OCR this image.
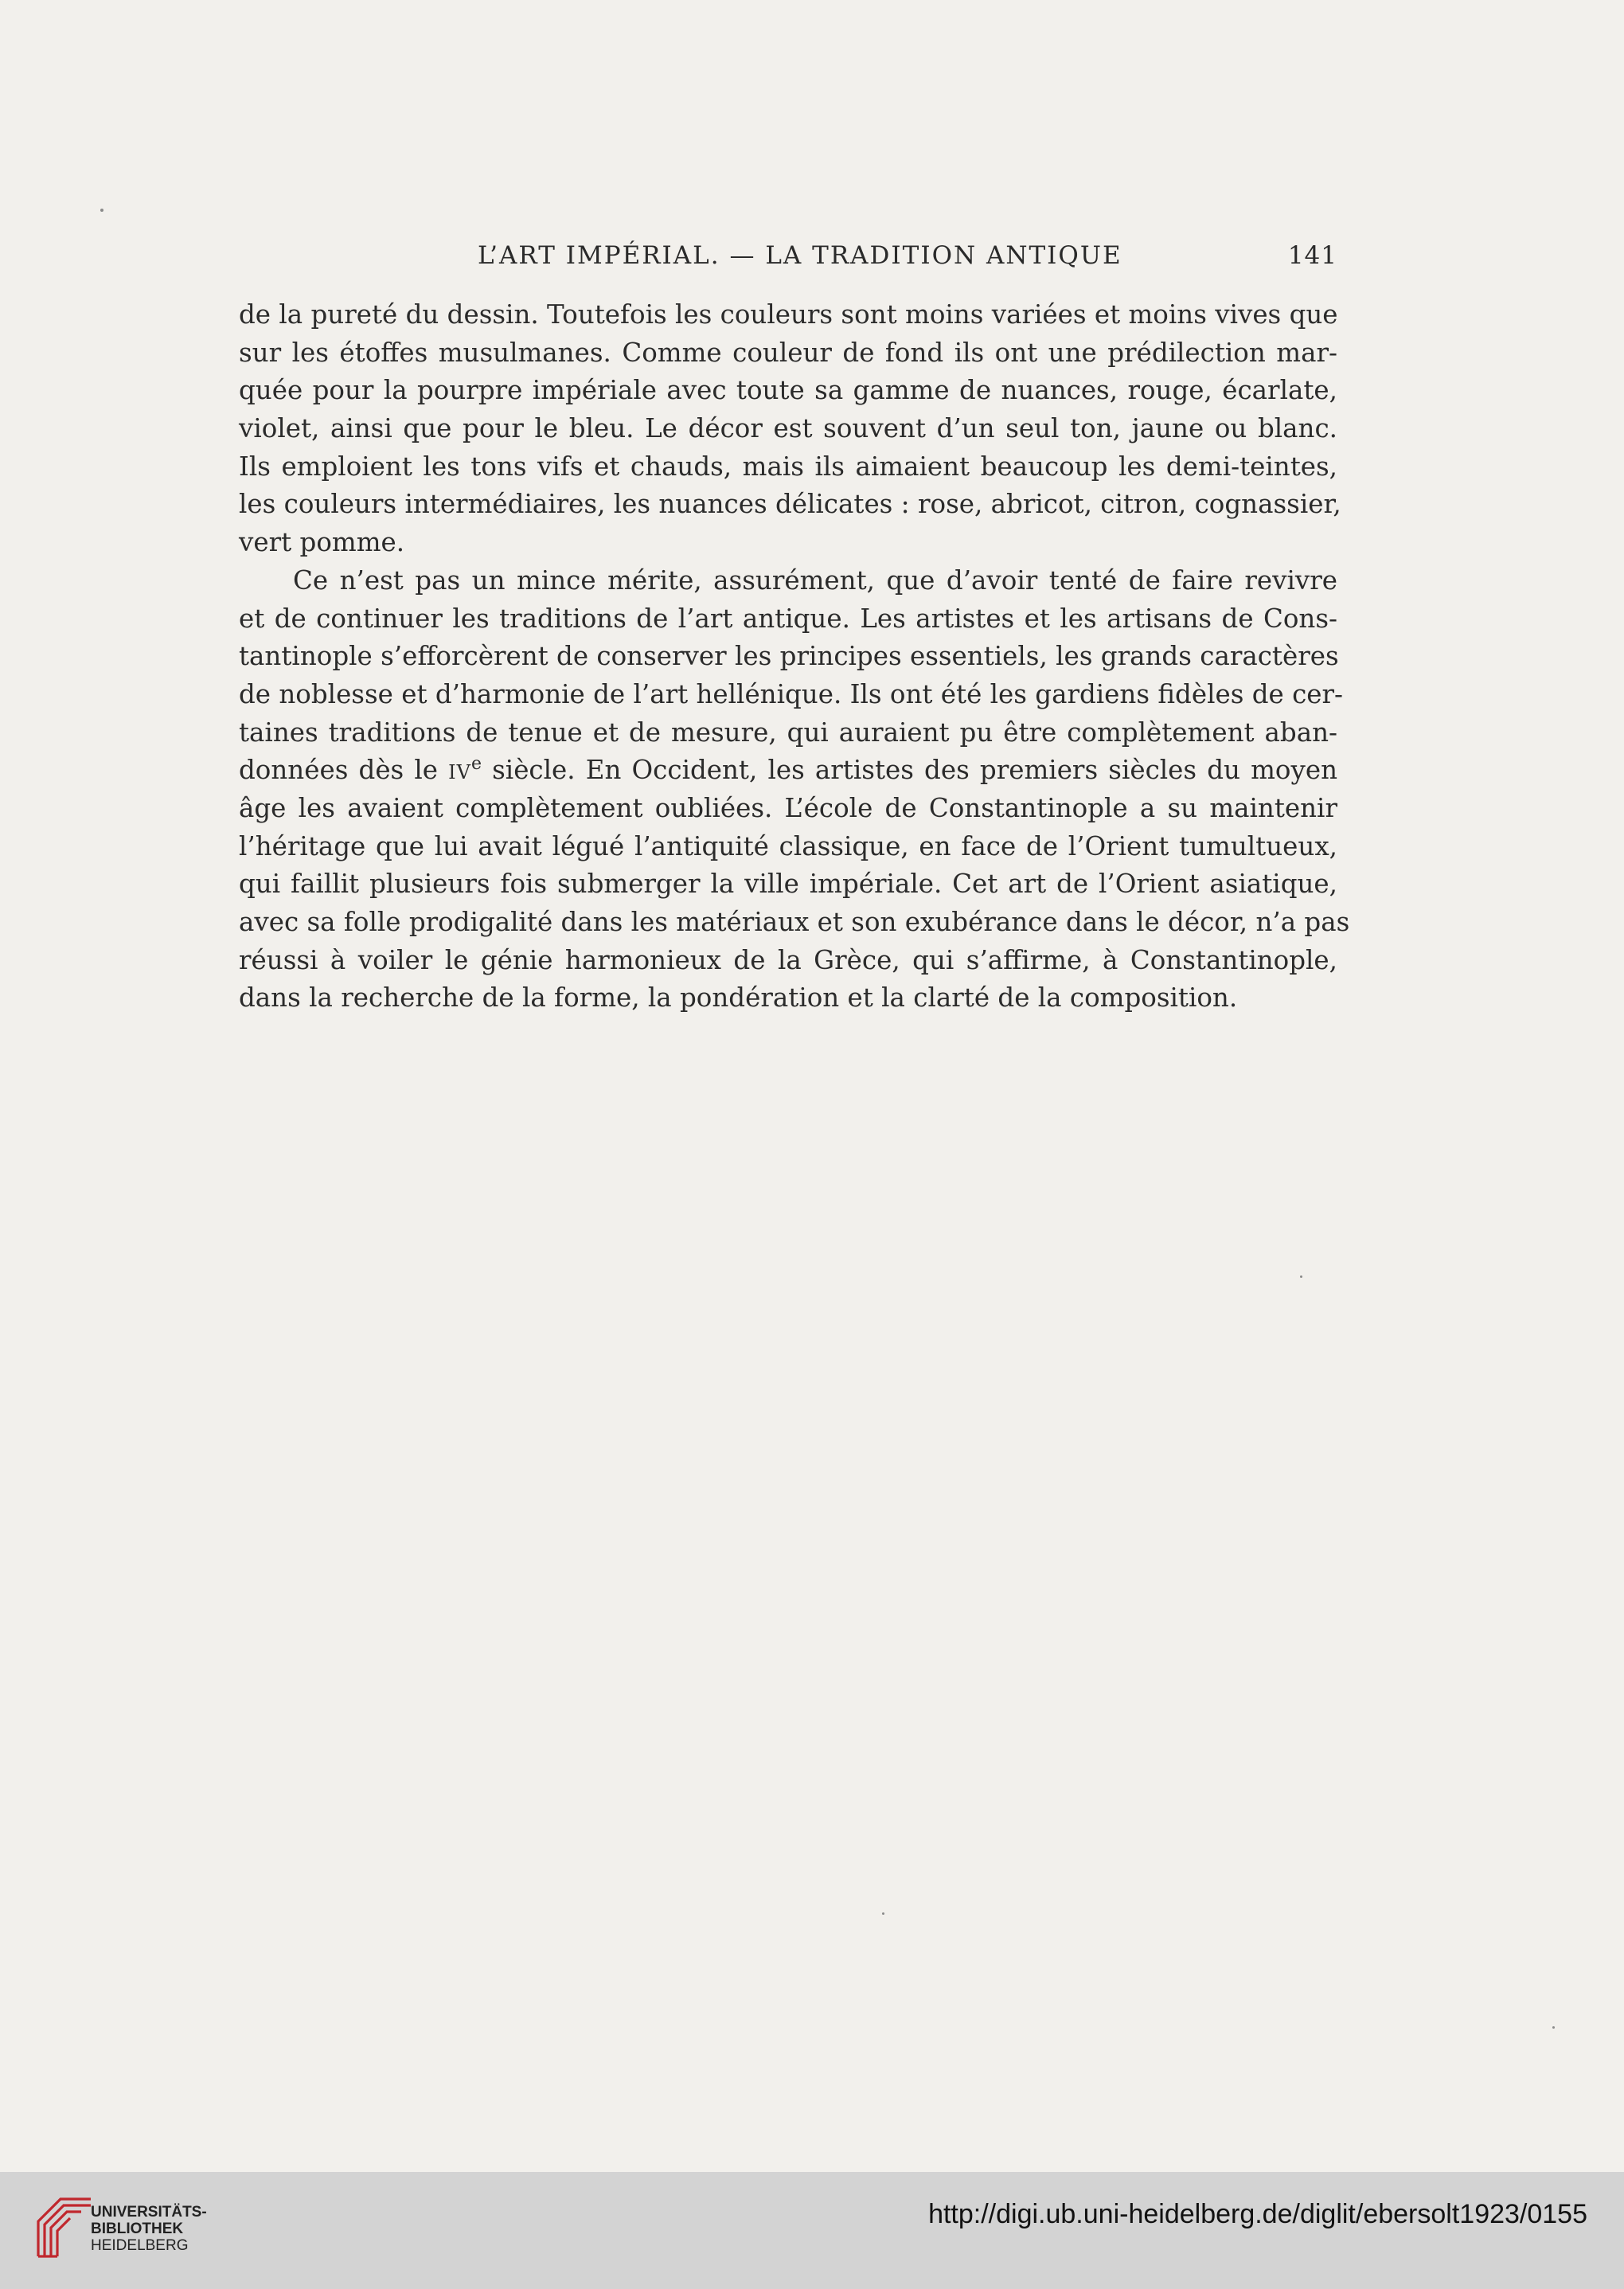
L’ART IMPÉRIAL. — LA TRADITION ANTIQUE	141
de la pureté du dessin. Toutefois les couleurs sont moins variées et moins vives que
sur les étoffes musulmanes. Comme couleur de fond ils ont une prédilection mar-
quée pour la pourpre impériale avec toute sa gamme de nuances, rouge, écarlate,
violet, ainsi que pour le bleu. Le décor est souvent d’un seul ton, jaune ou blanc.
Ils emploient les tons vifs et chauds, mais ils aimaient beaucoup les demi-teintes,
les couleurs intermédiaires, les nuances délicates : rose, abricot, citron, cognassier,
vert pomme.
Ce n’est pas un mince mérite, assurément, que d’avoir tenté de faire revivre
et de continuer les traditions de l’art antique. Les artistes et les artisans de Cons-
tantinople s’efforcèrent de conserver les principes essentiels, les grands caractères
de noblesse et d’harmonie de l’art hellénique. Ils ont été les gardiens fidèles de cer-
taines traditions de tenue et de mesure, qui auraient pu être complètement aban-
données dès le IVe siècle. En Occident, les artistes des premiers siècles du moyen
âge les avaient complètement oubliées. L’école de Constantinople a su maintenir
l’héritage que lui avait légué l’antiquité classique, en face de l’Orient tumultueux,
qui faillit plusieurs fois submerger la ville impériale. Cet art de l’Orient asiatique,
avec sa folle prodigalité dans les matériaux et son exubérance dans le décor, n’a pas
réussi à voiler le génie harmonieux de la Grèce, qui s’affirme, à Constantinople,
dans la recherche de la forme, la pondération et la clarté de la composition.
UNIVERSITÄTS-
BIBLIOTHEK
HEIDELBERG
http://digi.ub.uni-heidelberg.de/diglit/ebersolt1923/0155
